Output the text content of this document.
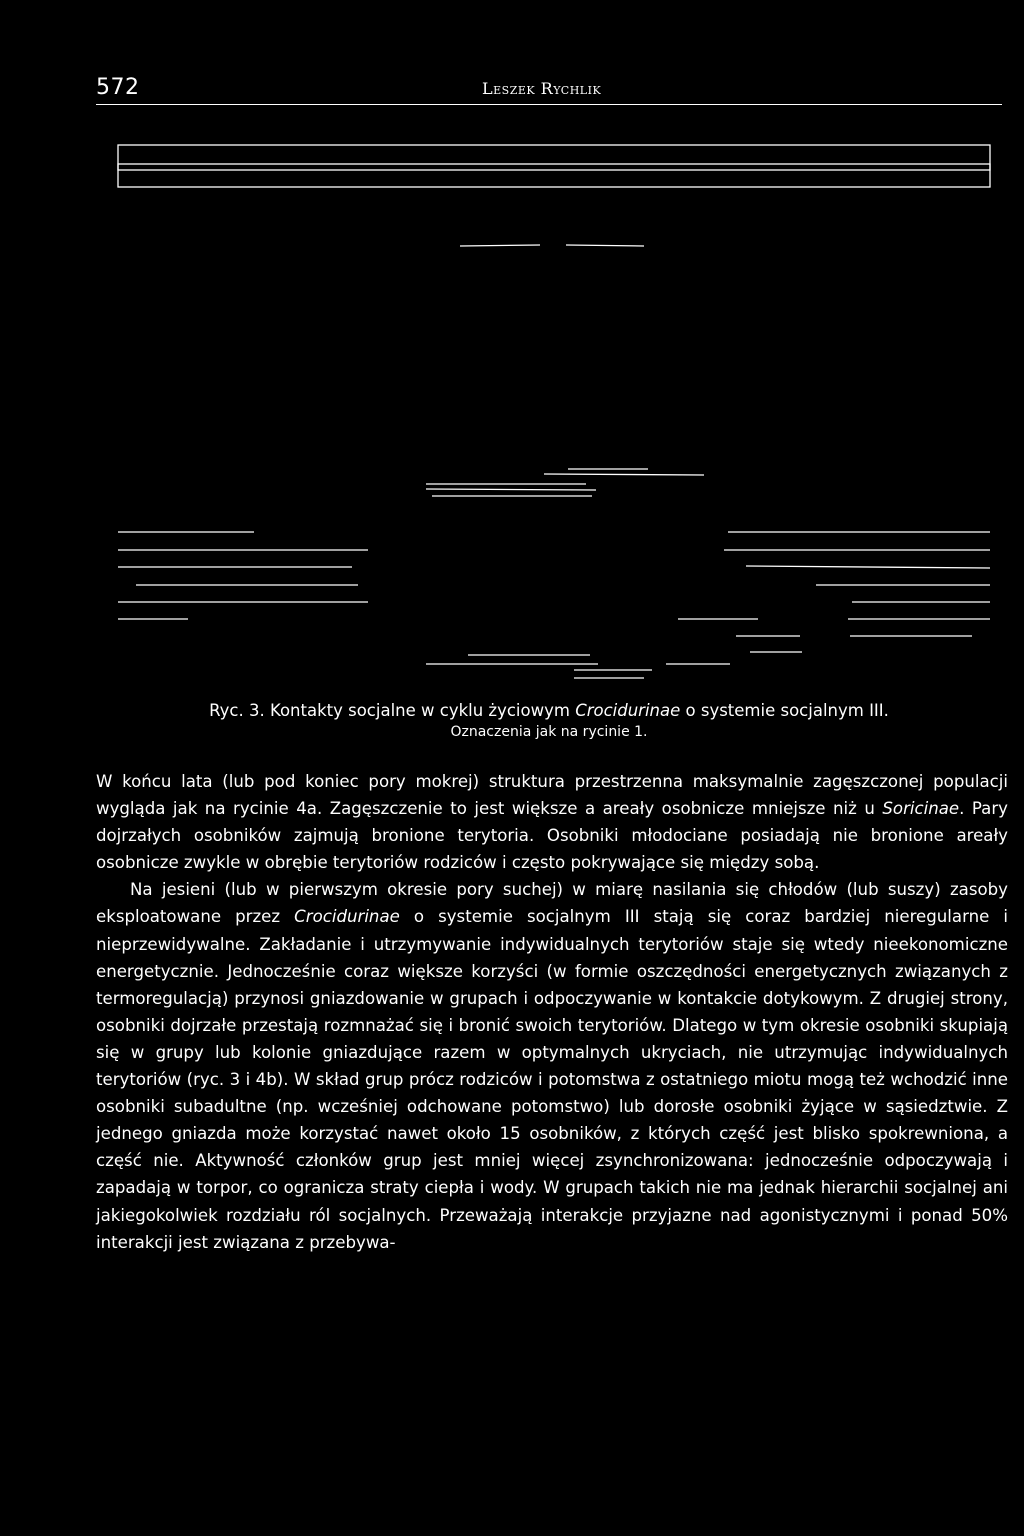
572	Leszek Rychlik
Ryc. 3. Kontakty socjalne w cyklu życiowym Crocidurinae o systemie socjalnym III.
Oznaczenia jak na rycinie 1.

W końcu lata (lub pod koniec pory mokrej) struktura przestrzenna maksymalnie zagęszczonej populacji wygląda jak na rycinie 4a. Zagęszczenie to jest większe a areały osobnicze mniejsze niż u Soricinae. Pary dojrzałych osobników zajmują bronione terytoria. Osobniki młodociane posiadają nie bronione areały osobnicze zwykle w obrębie terytoriów rodziców i często pokrywające się między sobą.

Na jesieni (lub w pierwszym okresie pory suchej) w miarę nasilania się chłodów (lub suszy) zasoby eksploatowane przez Crocidurinae o systemie socjalnym III stają się coraz bardziej nieregularne i nieprzewidywalne. Zakładanie i utrzymywanie indywidualnych terytoriów staje się wtedy nieekonomiczne energetycznie. Jednocześnie coraz większe korzyści (w formie oszczędności energetycznych związanych z termoregulacją) przynosi gniazdowanie w grupach i odpoczywanie w kontakcie dotykowym. Z drugiej strony, osobniki dojrzałe przestają rozmnażać się i bronić swoich terytoriów. Dlatego w tym okresie osobniki skupiają się w grupy lub kolonie gniazdujące razem w optymalnych ukryciach, nie utrzymując indywidualnych terytoriów (ryc. 3 i 4b). W skład grup prócz rodziców i potomstwa z ostatniego miotu mogą też wchodzić inne osobniki subadultne (np. wcześniej odchowane potomstwo) lub dorosłe osobniki żyjące w sąsiedztwie. Z jednego gniazda może korzystać nawet około 15 osobników, z których część jest blisko spokrewniona, a część nie. Aktywność członków grup jest mniej więcej zsynchronizowana: jednocześnie odpoczywają i zapadają w torpor, co ogranicza straty ciepła i wody. W grupach takich nie ma jednak hierarchii socjalnej ani jakiegokolwiek rozdziału ról socjalnych. Przeważają interakcje przyjazne nad agonistycznymi i ponad 50% interakcji jest związana z przebywa-
